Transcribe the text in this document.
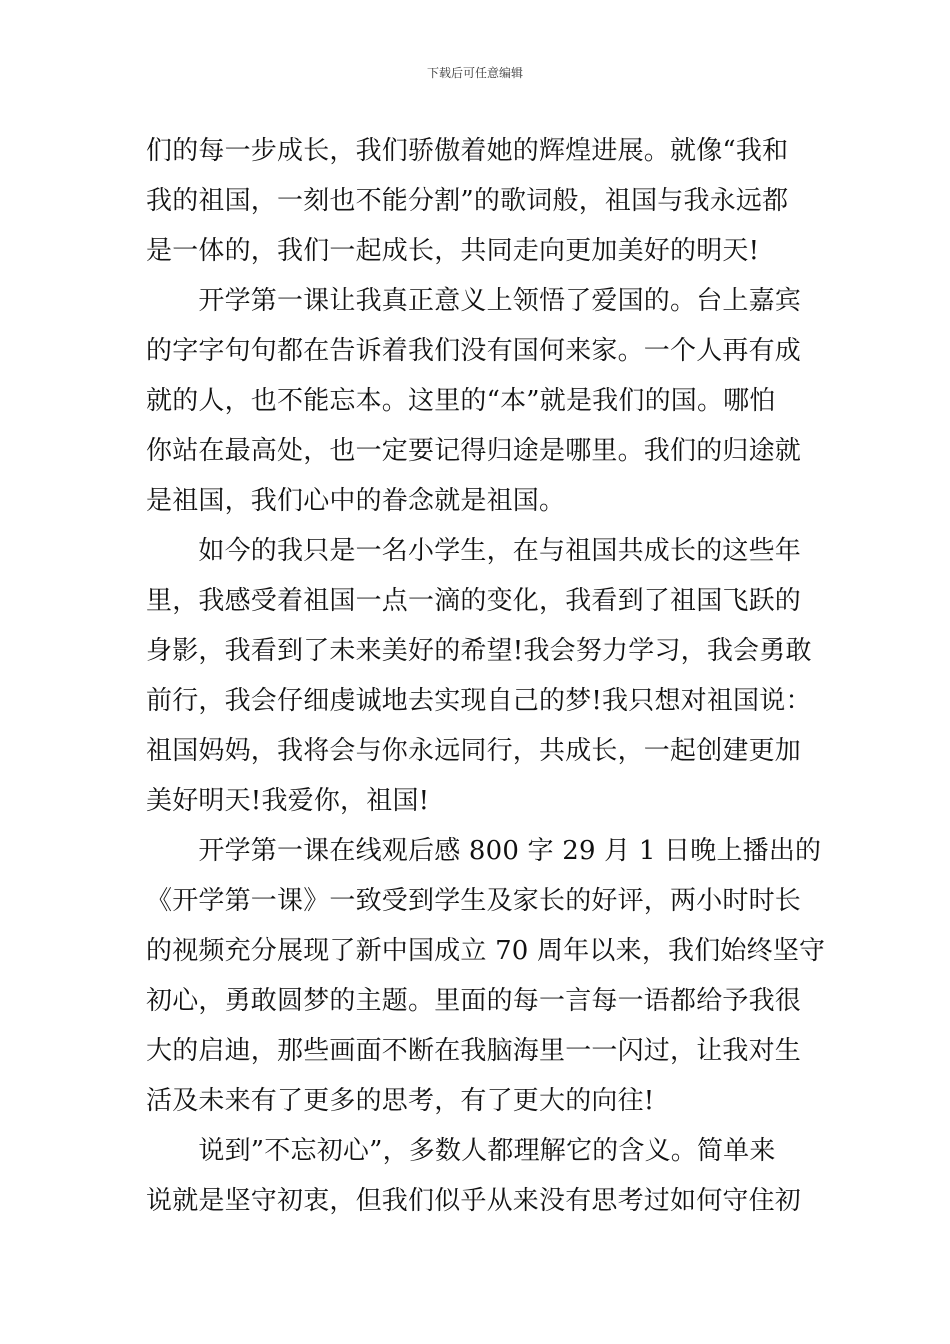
下载后可任意编辑
们的每一步成长，我们骄傲着她的辉煌进展。就像“我和
我的祖国，一刻也不能分割”的歌词般，祖国与我永远都
是一体的，我们一起成长，共同走向更加美好的明天!
　　开学第一课让我真正意义上领悟了爱国的。台上嘉宾
的字字句句都在告诉着我们没有国何来家。一个人再有成
就的人，也不能忘本。这里的“本”就是我们的国。哪怕
你站在最高处，也一定要记得归途是哪里。我们的归途就
是祖国，我们心中的眷念就是祖国。
　　如今的我只是一名小学生，在与祖国共成长的这些年
里，我感受着祖国一点一滴的变化，我看到了祖国飞跃的
身影，我看到了未来美好的希望!我会努力学习，我会勇敢
前行，我会仔细虔诚地去实现自己的梦!我只想对祖国说：
祖国妈妈，我将会与你永远同行，共成长，一起创建更加
美好明天!我爱你，祖国!
　　开学第一课在线观后感 800 字 29 月 1 日晚上播出的
《开学第一课》一致受到学生及家长的好评，两小时时长
的视频充分展现了新中国成立 70 周年以来，我们始终坚守
初心，勇敢圆梦的主题。里面的每一言每一语都给予我很
大的启迪，那些画面不断在我脑海里一一闪过，让我对生
活及未来有了更多的思考，有了更大的向往!
　　说到”不忘初心”，多数人都理解它的含义。简单来
说就是坚守初衷，但我们似乎从来没有思考过如何守住初
